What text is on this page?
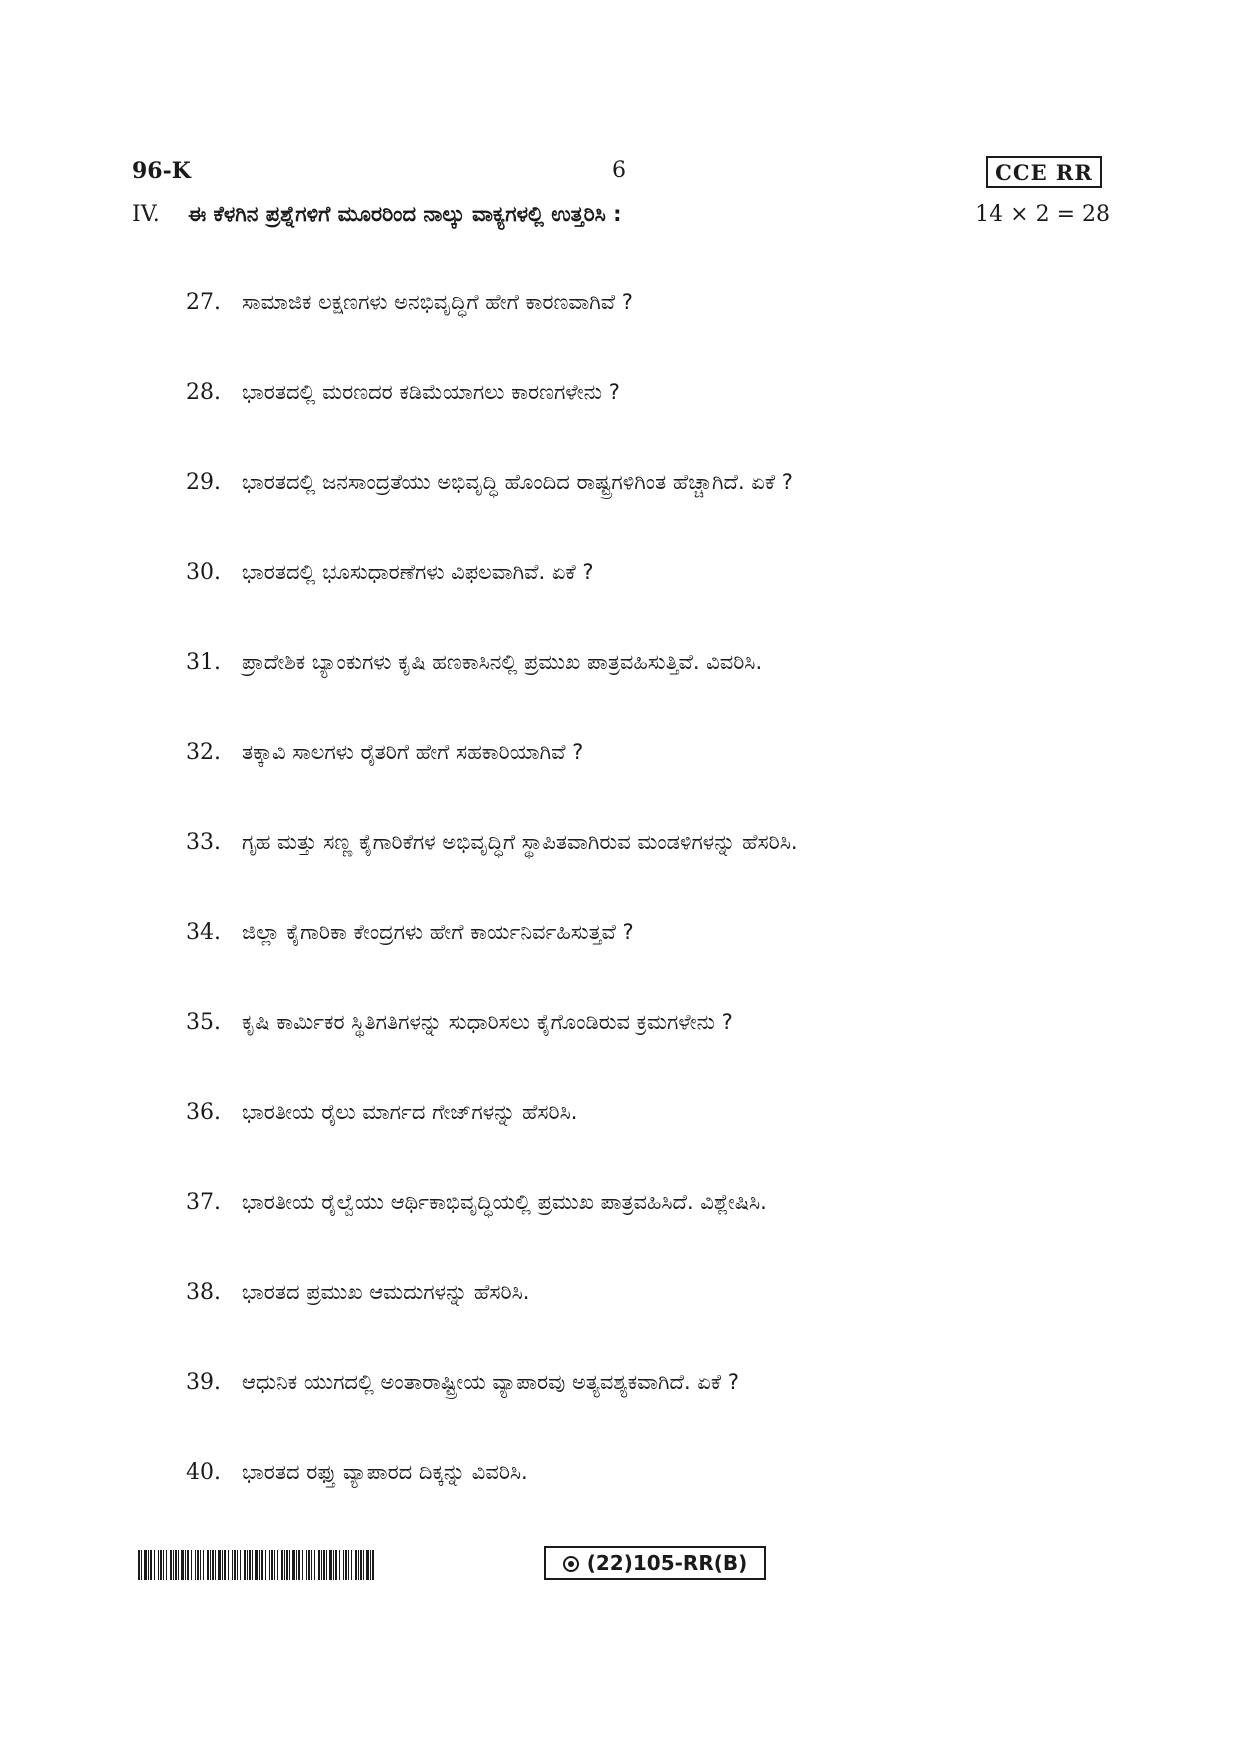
96-K	6	CCE RR
IV. ಈ ಕೆಳಗಿನ ಪ್ರಶ್ನೆಗಳಿಗೆ ಮೂರರಿಂದ ನಾಲ್ಕು ವಾಕ್ಯಗಳಲ್ಲಿ ಉತ್ತರಿಸಿ :	14 × 2 = 28
27.	ಸಾಮಾಜಿಕ ಲಕ್ಷಣಗಳು ಅನಭಿವೃದ್ಧಿಗೆ ಹೇಗೆ ಕಾರಣವಾಗಿವೆ ?
28.	ಭಾರತದಲ್ಲಿ ಮರಣದರ ಕಡಿಮೆಯಾಗಲು ಕಾರಣಗಳೇನು ?
29.	ಭಾರತದಲ್ಲಿ ಜನಸಾಂದ್ರತೆಯು ಅಭಿವೃದ್ಧಿ ಹೊಂದಿದ ರಾಷ್ಟ್ರಗಳಿಗಿಂತ ಹೆಚ್ಚಾಗಿದೆ. ಏಕೆ ?
30.	ಭಾರತದಲ್ಲಿ ಭೂಸುಧಾರಣೆಗಳು ವಿಫಲವಾಗಿವೆ. ಏಕೆ ?
31.	ಪ್ರಾದೇಶಿಕ ಬ್ಯಾಂಕುಗಳು ಕೃಷಿ ಹಣಕಾಸಿನಲ್ಲಿ ಪ್ರಮುಖ ಪಾತ್ರವಹಿಸುತ್ತಿವೆ. ವಿವರಿಸಿ.
32.	ತಕ್ಕಾವಿ ಸಾಲಗಳು ರೈತರಿಗೆ ಹೇಗೆ ಸಹಕಾರಿಯಾಗಿವೆ ?
33.	ಗೃಹ ಮತ್ತು ಸಣ್ಣ ಕೈಗಾರಿಕೆಗಳ ಅಭಿವೃದ್ಧಿಗೆ ಸ್ಥಾಪಿತವಾಗಿರುವ ಮಂಡಳಿಗಳನ್ನು ಹೆಸರಿಸಿ.
34.	ಜಿಲ್ಲಾ ಕೈಗಾರಿಕಾ ಕೇಂದ್ರಗಳು ಹೇಗೆ ಕಾರ್ಯನಿರ್ವಹಿಸುತ್ತವೆ ?
35.	ಕೃಷಿ ಕಾರ್ಮಿಕರ ಸ್ಥಿತಿಗತಿಗಳನ್ನು ಸುಧಾರಿಸಲು ಕೈಗೊಂಡಿರುವ ಕ್ರಮಗಳೇನು ?
36.	ಭಾರತೀಯ ರೈಲು ಮಾರ್ಗದ ಗೇಜ್‌ಗಳನ್ನು ಹೆಸರಿಸಿ.
37.	ಭಾರತೀಯ ರೈಲ್ವೆಯು ಆರ್ಥಿಕಾಭಿವೃದ್ಧಿಯಲ್ಲಿ ಪ್ರಮುಖ ಪಾತ್ರವಹಿಸಿದೆ. ವಿಶ್ಲೇಷಿಸಿ.
38.	ಭಾರತದ ಪ್ರಮುಖ ಆಮದುಗಳನ್ನು ಹೆಸರಿಸಿ.
39.	ಆಧುನಿಕ ಯುಗದಲ್ಲಿ ಅಂತಾರಾಷ್ಟ್ರೀಯ ವ್ಯಾಪಾರವು ಅತ್ಯವಶ್ಯಕವಾಗಿದೆ. ಏಕೆ ?
40.	ಭಾರತದ ರಫ್ತು ವ್ಯಾಪಾರದ ದಿಕ್ಕನ್ನು ವಿವರಿಸಿ.
(22)105-RR(B)
